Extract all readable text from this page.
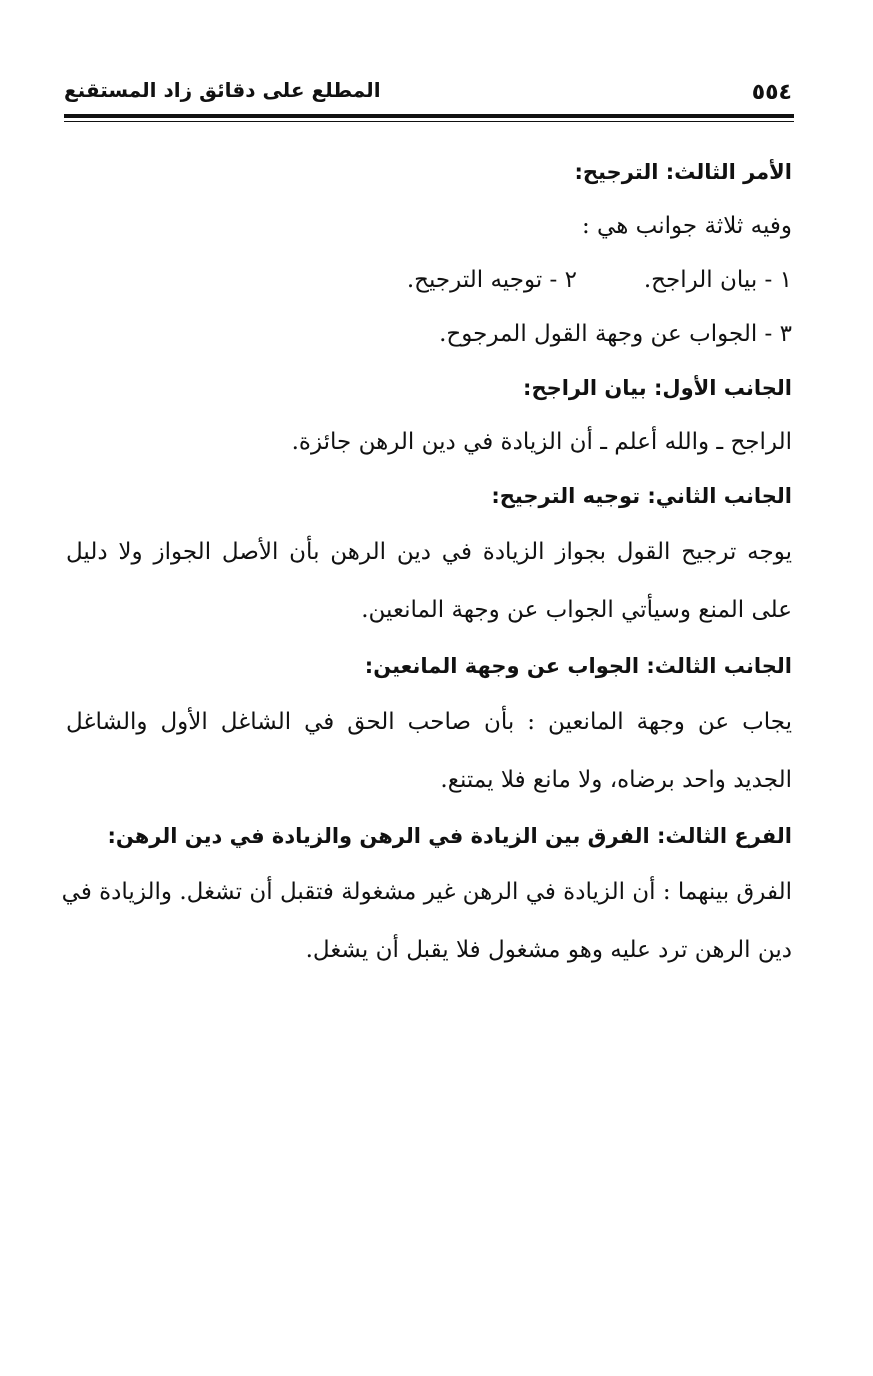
٥٥٤
المطلع على دقائق زاد المستقنع
الأمر الثالث: الترجيح:
وفيه ثلاثة جوانب هي :
١ - بيان الراجح.
٢ - توجيه الترجيح.
٣ - الجواب عن وجهة القول المرجوح.
الجانب الأول: بيان الراجح:
الراجح ـ والله أعلم ـ أن الزيادة في دين الرهن جائزة.
الجانب الثاني: توجيه الترجيح:
يوجه ترجيح القول بجواز الزيادة في دين الرهن بأن الأصل الجواز ولا دليل
على المنع وسيأتي الجواب عن وجهة المانعين.
الجانب الثالث: الجواب عن وجهة المانعين:
يجاب عن وجهة المانعين : بأن صاحب الحق في الشاغل الأول والشاغل
الجديد واحد برضاه، ولا مانع فلا يمتنع.
الفرع الثالث: الفرق بين الزيادة في الرهن والزيادة في دين الرهن:
الفرق بينهما : أن الزيادة في الرهن غير مشغولة فتقبل أن تشغل. والزيادة في
دين الرهن ترد عليه وهو مشغول فلا يقبل أن يشغل.
